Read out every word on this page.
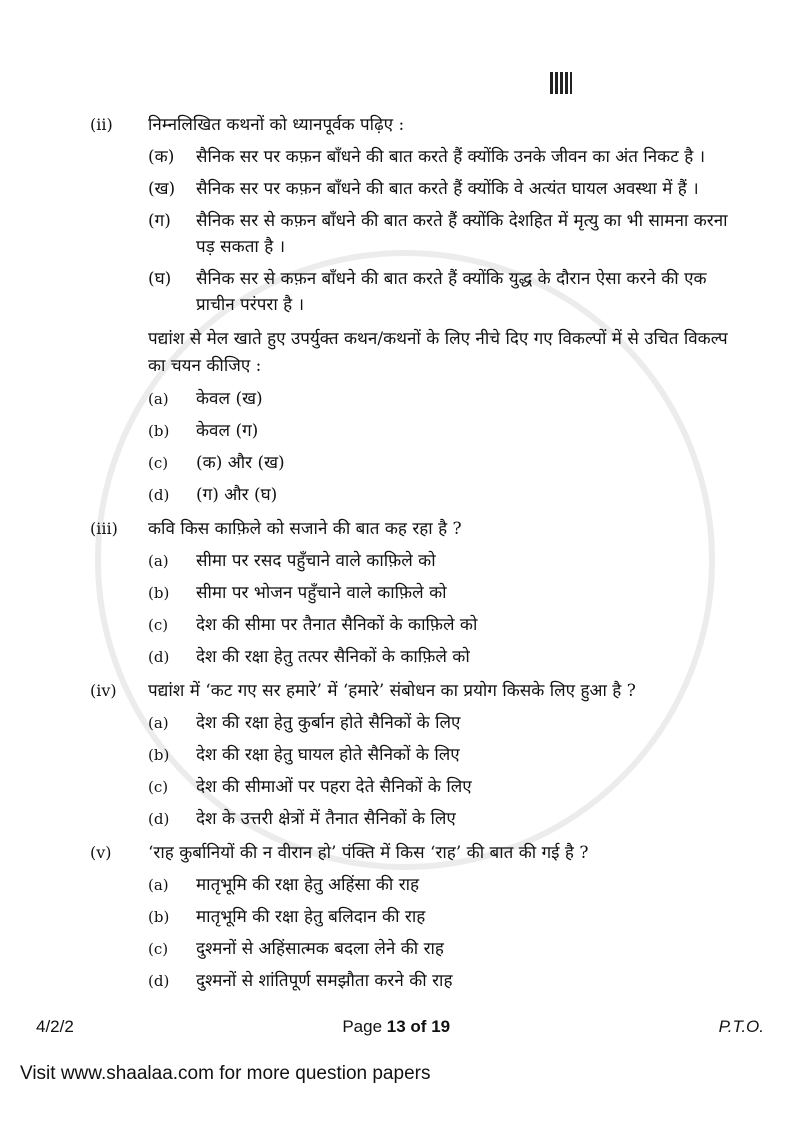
(ii)	निम्नलिखित कथनों को ध्यानपूर्वक पढ़िए :
(क)	सैनिक सर पर कफ़न बाँधने की बात करते हैं क्योंकि उनके जीवन का अंत निकट है ।
(ख)	सैनिक सर पर कफ़न बाँधने की बात करते हैं क्योंकि वे अत्यंत घायल अवस्था में हैं ।
(ग)	सैनिक सर से कफ़न बाँधने की बात करते हैं क्योंकि देशहित में मृत्यु का भी सामना करना पड़ सकता है ।
(घ)	सैनिक सर से कफ़न बाँधने की बात करते हैं क्योंकि युद्ध के दौरान ऐसा करने की एक प्राचीन परंपरा है ।
पद्यांश से मेल खाते हुए उपर्युक्त कथन/कथनों के लिए नीचे दिए गए विकल्पों में से उचित विकल्प का चयन कीजिए :
(a)	केवल (ख)
(b)	केवल (ग)
(c)	(क) और (ख)
(d)	(ग) और (घ)
(iii)	कवि किस काफ़िले को सजाने की बात कह रहा है ?
(a)	सीमा पर रसद पहुँचाने वाले काफ़िले को
(b)	सीमा पर भोजन पहुँचाने वाले काफ़िले को
(c)	देश की सीमा पर तैनात सैनिकों के काफ़िले को
(d)	देश की रक्षा हेतु तत्पर सैनिकों के काफ़िले को
(iv)	पद्यांश में ‘कट गए सर हमारे’ में ‘हमारे’ संबोधन का प्रयोग किसके लिए हुआ है ?
(a)	देश की रक्षा हेतु कुर्बान होते सैनिकों के लिए
(b)	देश की रक्षा हेतु घायल होते सैनिकों के लिए
(c)	देश की सीमाओं पर पहरा देते सैनिकों के लिए
(d)	देश के उत्तरी क्षेत्रों में तैनात सैनिकों के लिए
(v)	‘राह कुर्बानियों की न वीरान हो’ पंक्ति में किस ‘राह’ की बात की गई है ?
(a)	मातृभूमि की रक्षा हेतु अहिंसा की राह
(b)	मातृभूमि की रक्षा हेतु बलिदान की राह
(c)	दुश्मनों से अहिंसात्मक बदला लेने की राह
(d)	दुश्मनों से शांतिपूर्ण समझौता करने की राह
4/2/2	Page 13 of 19	P.T.O.
Visit www.shaalaa.com for more question papers
